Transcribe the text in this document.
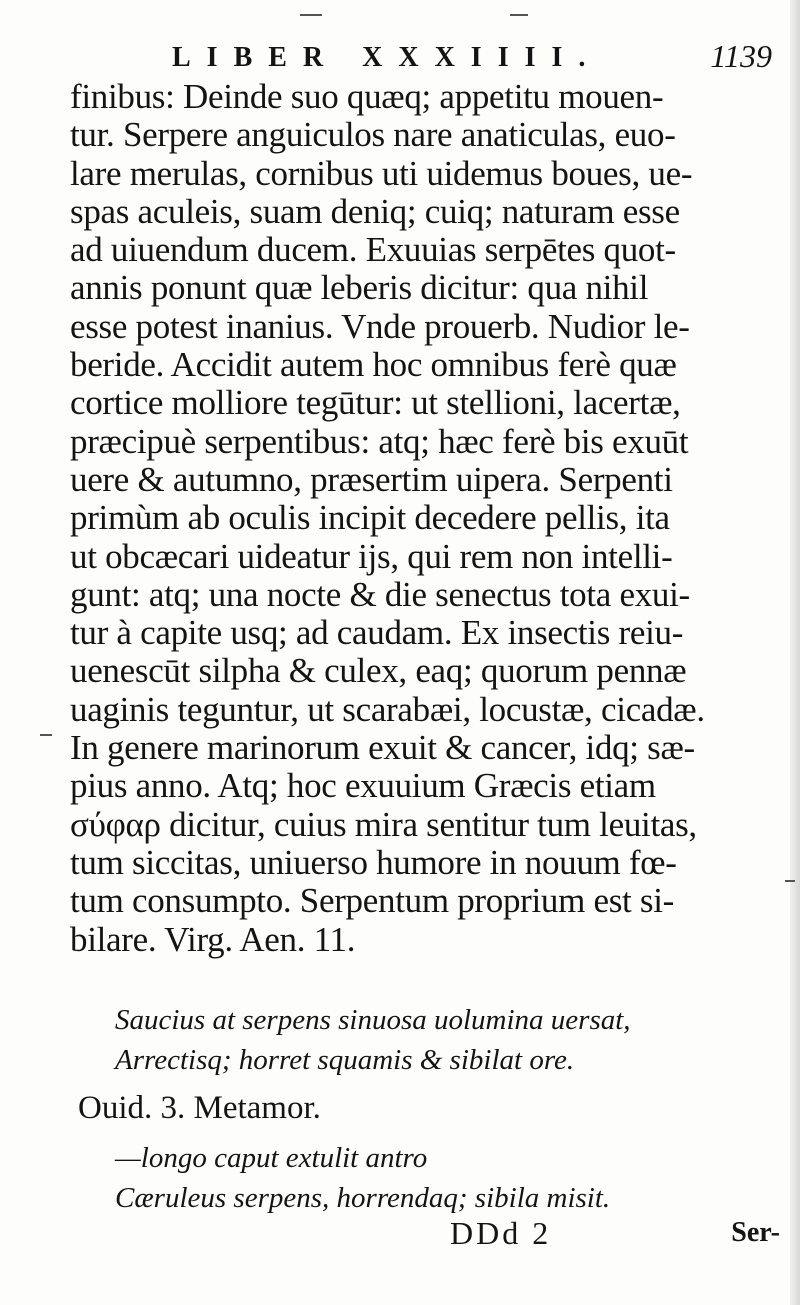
LIBER XXXIIII.	1139
finibus: Deinde suo quæq; appetitu mouen-
tur. Serpere anguiculos nare anaticulas, euo-
lare merulas, cornibus uti uidemus boues, ue-
spas aculeis, suam deniq; cuiq; naturam esse
ad uiuendum ducem. Exuuias serpētes quot-
annis ponunt quæ leberis dicitur: qua nihil
esse potest inanius. Vnde prouerb. Nudior le-
beride. Accidit autem hoc omnibus ferè quæ
cortice molliore tegūtur: ut stellioni, lacertæ,
præcipuè serpentibus: atq; hæc ferè bis exuūt
uere & autumno, præsertim uipera. Serpenti
primùm ab oculis incipit decedere pellis, ita
ut obcæcari uideatur ijs, qui rem non intelli-
gunt: atq; una nocte & die senectus tota exui-
tur à capite usq; ad caudam. Ex insectis reiu-
uenescūt silpha & culex, eaq; quorum pennæ
uaginis teguntur, ut scarabæi, locustæ, cicadæ.
In genere marinorum exuit & cancer, idq; sæ-
pius anno. Atq; hoc exuuium Græcis etiam
σύφαρ dicitur, cuius mira sentitur tum leuitas,
tum siccitas, uniuerso humore in nouum fœ-
tum consumpto. Serpentum proprium est si-
bilare. Virg. Aen. 11.
Saucius at serpens sinuosa uolumina uersat,
Arrectisq; horret squamis & sibilat ore.
Ouid. 3. Metamor.
—longo caput extulit antro
Cæruleus serpens, horrendaq; sibila misit.
DDd 2	Ser-
